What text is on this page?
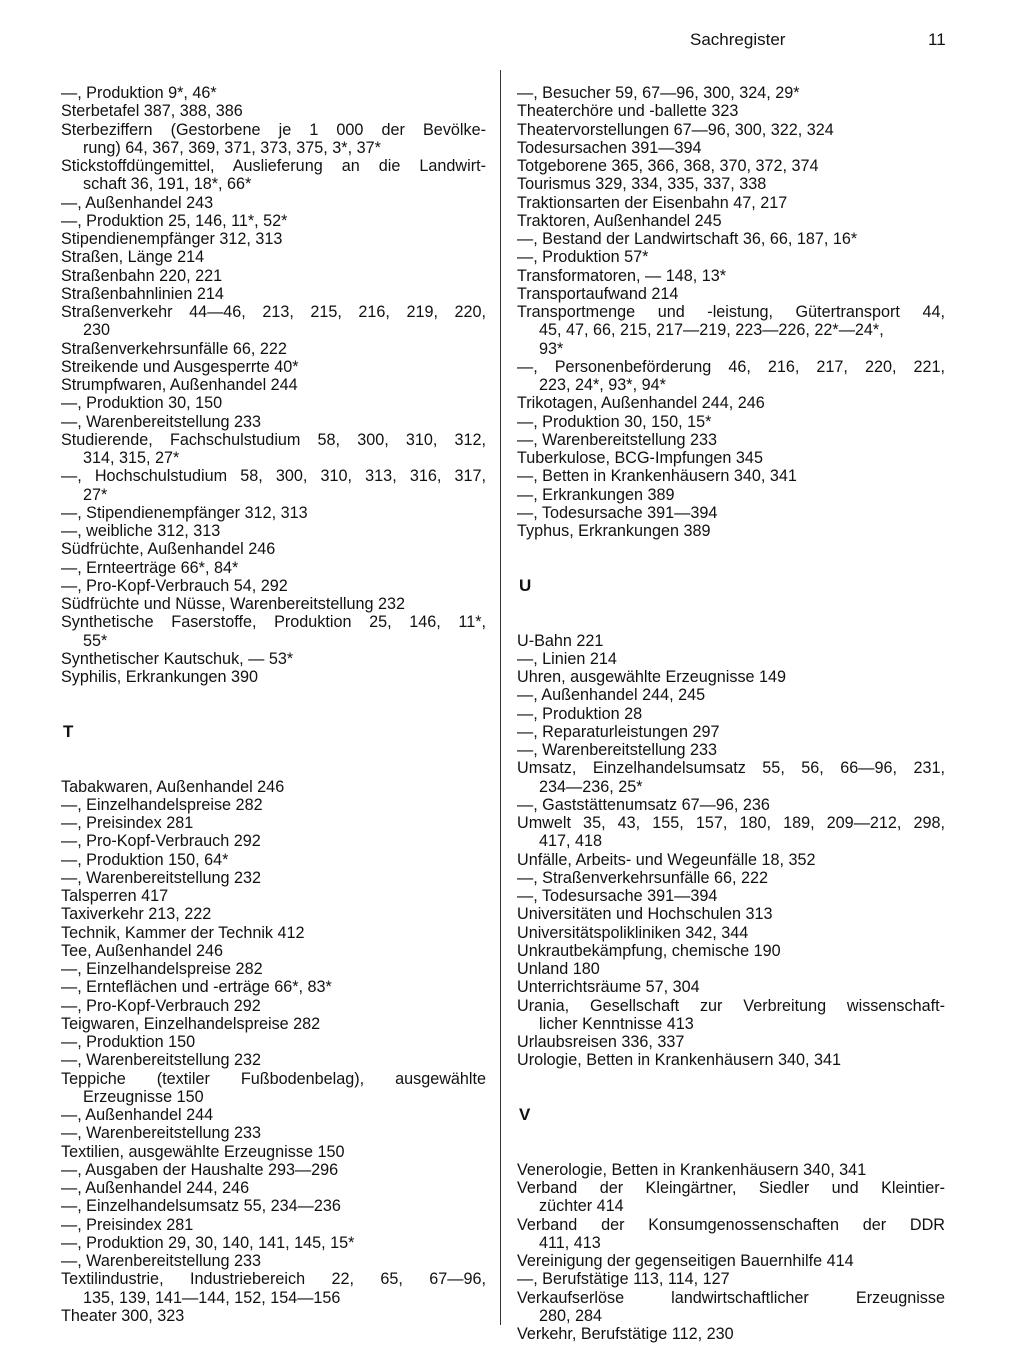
Sachregister	11
—, Produktion 9*, 46*
Sterbetafel 387, 388, 386
Sterbeziffern (Gestorbene je 1 000 der Bevölke-
rung) 64, 367, 369, 371, 373, 375, 3*, 37*
Stickstoffdüngemittel, Auslieferung an die Landwirt-
schaft 36, 191, 18*, 66*
—, Außenhandel 243
—, Produktion 25, 146, 11*, 52*
Stipendienempfänger 312, 313
Straßen, Länge 214
Straßenbahn 220, 221
Straßenbahnlinien 214
Straßenverkehr 44—46, 213, 215, 216, 219, 220,
230
Straßenverkehrsunfälle 66, 222
Streikende und Ausgesperrte 40*
Strumpfwaren, Außenhandel 244
—, Produktion 30, 150
—, Warenbereitstellung 233
Studierende, Fachschulstudium 58, 300, 310, 312,
314, 315, 27*
—, Hochschulstudium 58, 300, 310, 313, 316, 317,
27*
—, Stipendienempfänger 312, 313
—, weibliche 312, 313
Südfrüchte, Außenhandel 246
—, Ernteerträge 66*, 84*
—, Pro-Kopf-Verbrauch 54, 292
Südfrüchte und Nüsse, Warenbereitstellung 232
Synthetische Faserstoffe, Produktion 25, 146, 11*,
55*
Synthetischer Kautschuk, — 53*
Syphilis, Erkrankungen 390
T
Tabakwaren, Außenhandel 246
—, Einzelhandelspreise 282
—, Preisindex 281
—, Pro-Kopf-Verbrauch 292
—, Produktion 150, 64*
—, Warenbereitstellung 232
Talsperren 417
Taxiverkehr 213, 222
Technik, Kammer der Technik 412
Tee, Außenhandel 246
—, Einzelhandelspreise 282
—, Ernteflächen und -erträge 66*, 83*
—, Pro-Kopf-Verbrauch 292
Teigwaren, Einzelhandelspreise 282
—, Produktion 150
—, Warenbereitstellung 232
Teppiche (textiler Fußbodenbelag), ausgewählte
Erzeugnisse 150
—, Außenhandel 244
—, Warenbereitstellung 233
Textilien, ausgewählte Erzeugnisse 150
—, Ausgaben der Haushalte 293—296
—, Außenhandel 244, 246
—, Einzelhandelsumsatz 55, 234—236
—, Preisindex 281
—, Produktion 29, 30, 140, 141, 145, 15*
—, Warenbereitstellung 233
Textilindustrie, Industriebereich 22, 65, 67—96,
135, 139, 141—144, 152, 154—156
Theater 300, 323
—, Besucher 59, 67—96, 300, 324, 29*
Theaterchöre und -ballette 323
Theatervorstellungen 67—96, 300, 322, 324
Todesursachen 391—394
Totgeborene 365, 366, 368, 370, 372, 374
Tourismus 329, 334, 335, 337, 338
Traktionsarten der Eisenbahn 47, 217
Traktoren, Außenhandel 245
—, Bestand der Landwirtschaft 36, 66, 187, 16*
—, Produktion 57*
Transformatoren, — 148, 13*
Transportaufwand 214
Transportmenge und -leistung, Gütertransport 44,
45, 47, 66, 215, 217—219, 223—226, 22*—24*,
93*
—, Personenbeförderung 46, 216, 217, 220, 221,
223, 24*, 93*, 94*
Trikotagen, Außenhandel 244, 246
—, Produktion 30, 150, 15*
—, Warenbereitstellung 233
Tuberkulose, BCG-Impfungen 345
—, Betten in Krankenhäusern 340, 341
—, Erkrankungen 389
—, Todesursache 391—394
Typhus, Erkrankungen 389
U
U-Bahn 221
—, Linien 214
Uhren, ausgewählte Erzeugnisse 149
—, Außenhandel 244, 245
—, Produktion 28
—, Reparaturleistungen 297
—, Warenbereitstellung 233
Umsatz, Einzelhandelsumsatz 55, 56, 66—96, 231,
234—236, 25*
—, Gaststättenumsatz 67—96, 236
Umwelt 35, 43, 155, 157, 180, 189, 209—212, 298,
417, 418
Unfälle, Arbeits- und Wegeunfälle 18, 352
—, Straßenverkehrsunfälle 66, 222
—, Todesursache 391—394
Universitäten und Hochschulen 313
Universitätspolikliniken 342, 344
Unkrautbekämpfung, chemische 190
Unland 180
Unterrichtsräume 57, 304
Urania, Gesellschaft zur Verbreitung wissenschaft-
licher Kenntnisse 413
Urlaubsreisen 336, 337
Urologie, Betten in Krankenhäusern 340, 341
V
Venerologie, Betten in Krankenhäusern 340, 341
Verband der Kleingärtner, Siedler und Kleintier-
züchter 414
Verband der Konsumgenossenschaften der DDR
411, 413
Vereinigung der gegenseitigen Bauernhilfe 414
—, Berufstätige 113, 114, 127
Verkaufserlöse landwirtschaftlicher Erzeugnisse
280, 284
Verkehr, Berufstätige 112, 230
